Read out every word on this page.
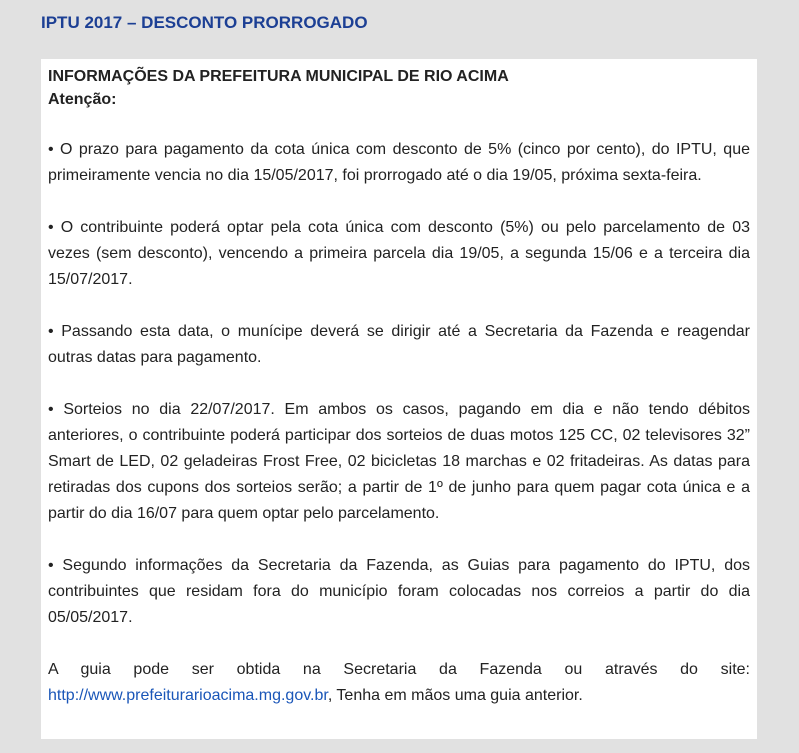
IPTU 2017 – DESCONTO PRORROGADO

INFORMAÇÕES DA PREFEITURA MUNICIPAL DE RIO ACIMA

Atenção:

• O prazo para pagamento da cota única com desconto de 5% (cinco por cento), do IPTU, que primeiramente vencia no dia 15/05/2017, foi prorrogado até o dia 19/05, próxima sexta-feira.

• O contribuinte poderá optar pela cota única com desconto (5%) ou pelo parcelamento de 03 vezes (sem desconto), vencendo a primeira parcela dia 19/05, a segunda 15/06 e a terceira dia 15/07/2017.

• Passando esta data, o munícipe deverá se dirigir até a Secretaria da Fazenda e reagendar outras datas para pagamento.

• Sorteios no dia 22/07/2017. Em ambos os casos, pagando em dia e não tendo débitos anteriores, o contribuinte poderá participar dos sorteios de duas motos 125 CC, 02 televisores 32” Smart de LED, 02 geladeiras Frost Free, 02 bicicletas 18 marchas e 02 fritadeiras. As datas para retiradas dos cupons dos sorteios serão; a partir de 1º de junho para quem pagar cota única e a partir do dia 16/07 para quem optar pelo parcelamento.

• Segundo informações da Secretaria da Fazenda, as Guias para pagamento do IPTU, dos contribuintes que residam fora do município foram colocadas nos correios a partir do dia 05/05/2017.

A guia pode ser obtida na Secretaria da Fazenda ou através do site: http://www.prefeiturarioacima.mg.gov.br, Tenha em mãos uma guia anterior.
